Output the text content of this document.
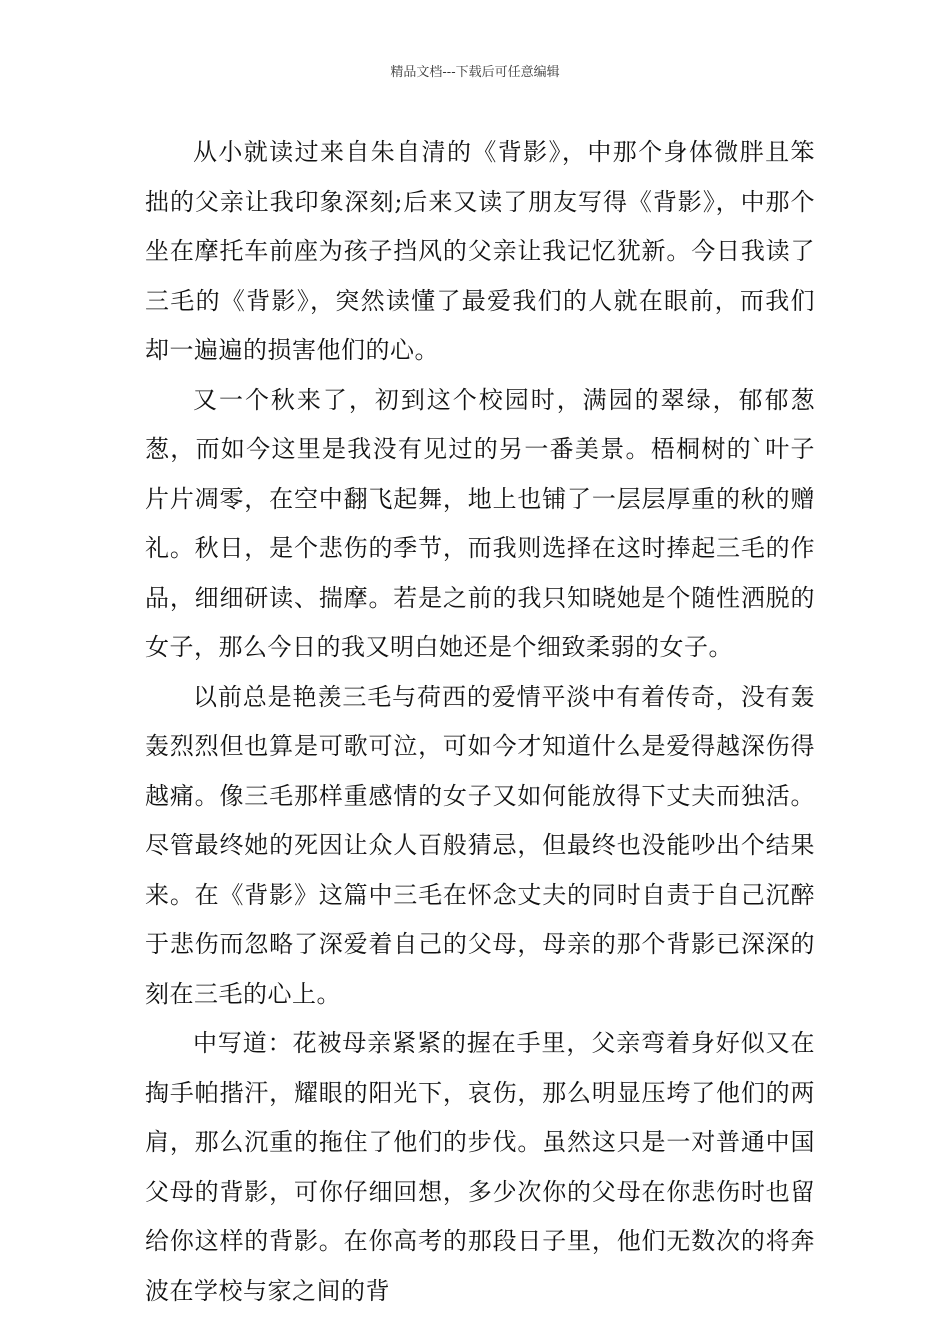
精品文档---下载后可任意编辑

从小就读过来自朱自清的《背影》，中那个身体微胖且笨拙的父亲让我印象深刻;后来又读了朋友写得《背影》，中那个坐在摩托车前座为孩子挡风的父亲让我记忆犹新。今日我读了三毛的《背影》，突然读懂了最爱我们的人就在眼前，而我们却一遍遍的损害他们的心。

又一个秋来了，初到这个校园时，满园的翠绿，郁郁葱葱，而如今这里是我没有见过的另一番美景。梧桐树的`叶子片片凋零，在空中翻飞起舞，地上也铺了一层层厚重的秋的赠礼。秋日，是个悲伤的季节，而我则选择在这时捧起三毛的作品，细细研读、揣摩。若是之前的我只知晓她是个随性洒脱的女子，那么今日的我又明白她还是个细致柔弱的女子。

以前总是艳羡三毛与荷西的爱情平淡中有着传奇，没有轰轰烈烈但也算是可歌可泣，可如今才知道什么是爱得越深伤得越痛。像三毛那样重感情的女子又如何能放得下丈夫而独活。尽管最终她的死因让众人百般猜忌，但最终也没能吵出个结果来。在《背影》这篇中三毛在怀念丈夫的同时自责于自己沉醉于悲伤而忽略了深爱着自己的父母，母亲的那个背影已深深的刻在三毛的心上。

中写道：花被母亲紧紧的握在手里，父亲弯着身好似又在掏手帕揩汗，耀眼的阳光下，哀伤，那么明显压垮了他们的两肩，那么沉重的拖住了他们的步伐。虽然这只是一对普通中国父母的背影，可你仔细回想，多少次你的父母在你悲伤时也留给你这样的背影。在你高考的那段日子里，他们无数次的将奔波在学校与家之间的背
